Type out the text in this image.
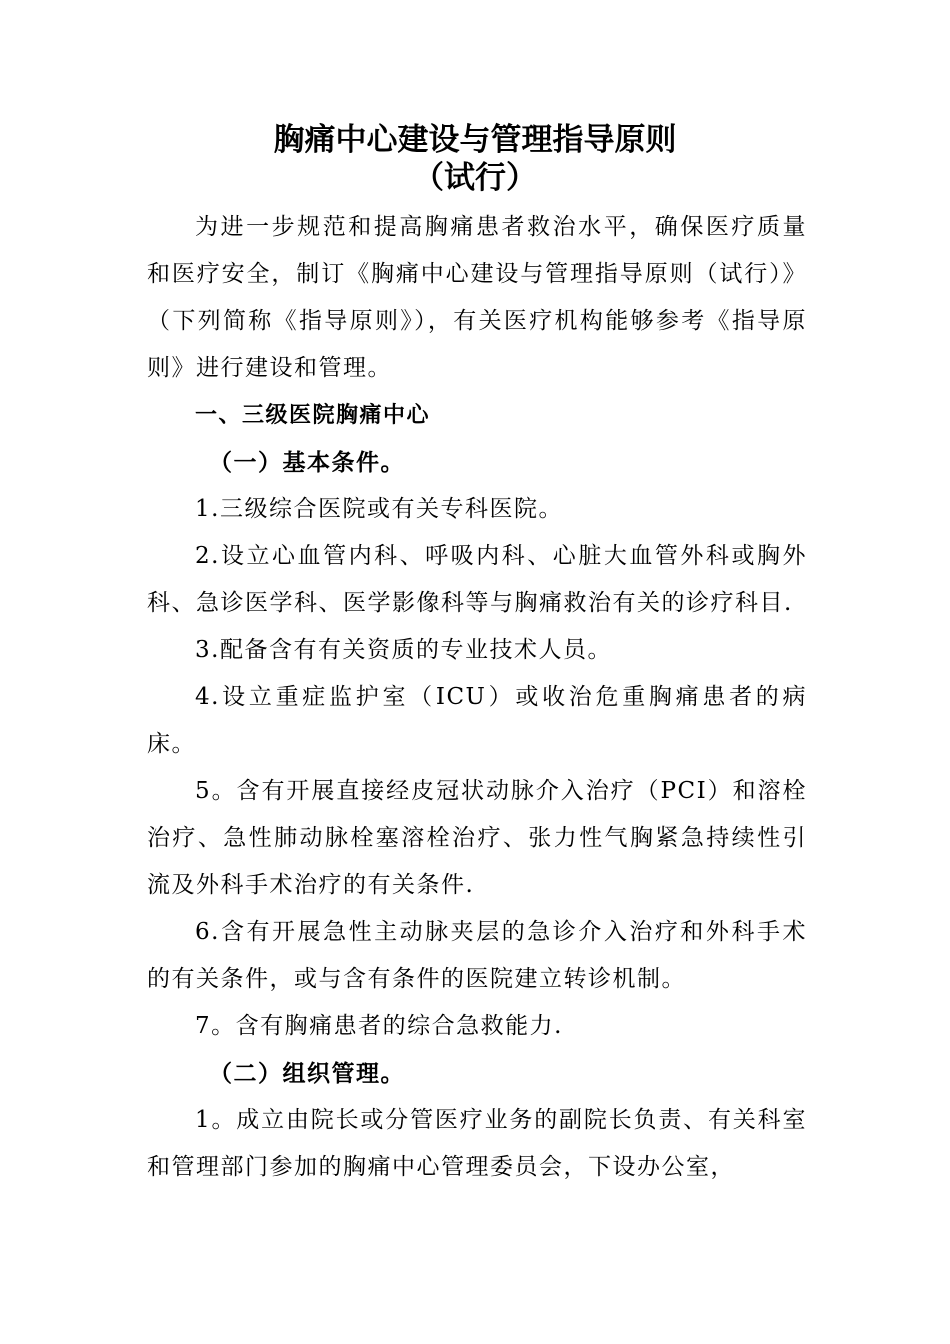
胸痛中心建设与管理指导原则
（试行）

为进一步规范和提高胸痛患者救治水平，确保医疗质量和医疗安全，制订《胸痛中心建设与管理指导原则（试行）》（下列简称《指导原则》），有关医疗机构能够参考《指导原则》进行建设和管理。

一、三级医院胸痛中心

（一）基本条件。

1.三级综合医院或有关专科医院。

2.设立心血管内科、呼吸内科、心脏大血管外科或胸外科、急诊医学科、医学影像科等与胸痛救治有关的诊疗科目.

3.配备含有有关资质的专业技术人员。

4.设立重症监护室（ICU）或收治危重胸痛患者的病床。

5。含有开展直接经皮冠状动脉介入治疗（PCI）和溶栓治疗、急性肺动脉栓塞溶栓治疗、张力性气胸紧急持续性引流及外科手术治疗的有关条件.

6.含有开展急性主动脉夹层的急诊介入治疗和外科手术的有关条件，或与含有条件的医院建立转诊机制。

7。含有胸痛患者的综合急救能力.

（二）组织管理。

1。成立由院长或分管医疗业务的副院长负责、有关科室和管理部门参加的胸痛中心管理委员会，下设办公室，
